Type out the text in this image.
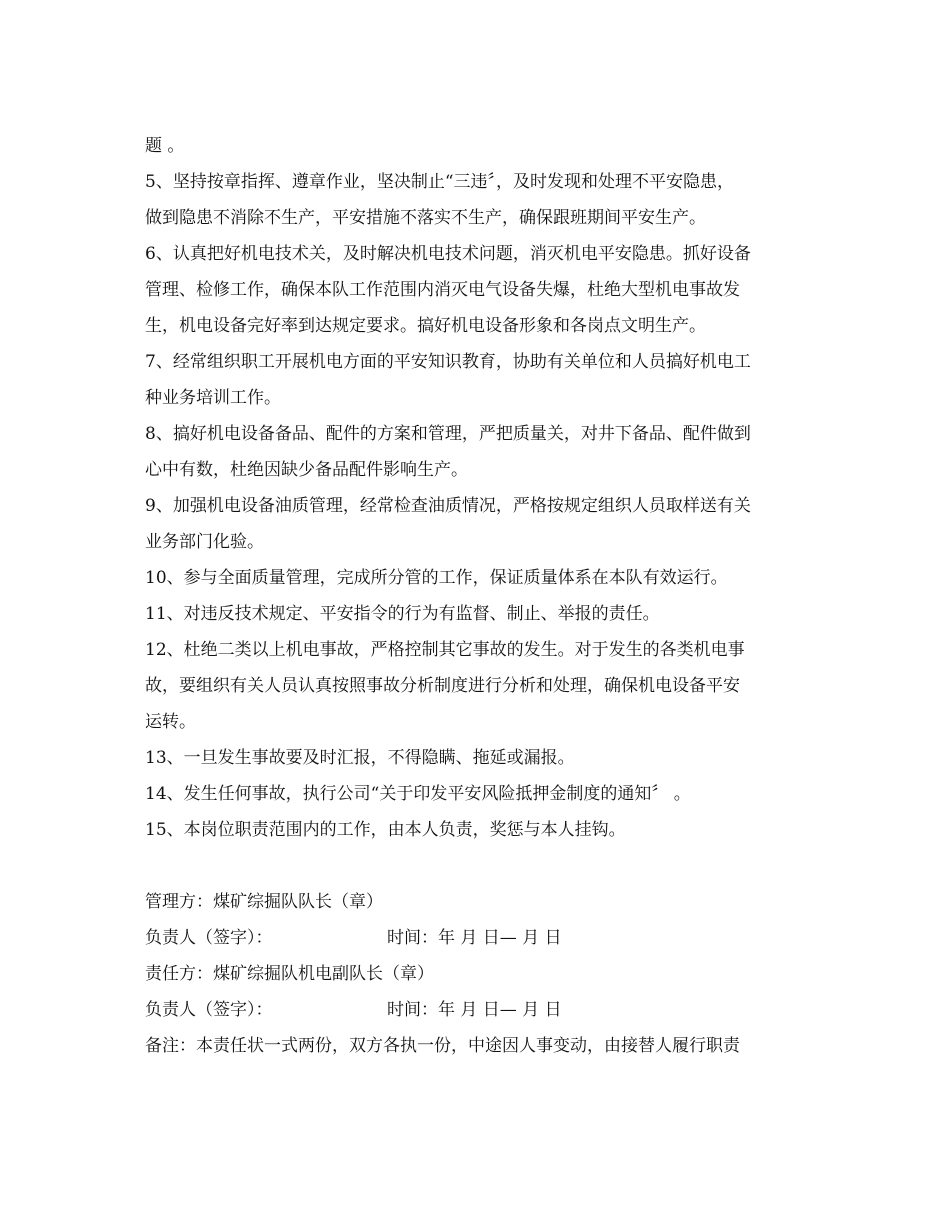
题 。
5、坚持按章指挥、遵章作业，坚决制止“三违〞，及时发现和处理不平安隐患，
做到隐患不消除不生产，平安措施不落实不生产，确保跟班期间平安生产。
6、认真把好机电技术关，及时解决机电技术问题，消灭机电平安隐患。抓好设备
管理、检修工作，确保本队工作范围内消灭电气设备失爆，杜绝大型机电事故发
生，机电设备完好率到达规定要求。搞好机电设备形象和各岗点文明生产。
7、经常组织职工开展机电方面的平安知识教育，协助有关单位和人员搞好机电工
种业务培训工作。
8、搞好机电设备备品、配件的方案和管理，严把质量关，对井下备品、配件做到
心中有数，杜绝因缺少备品配件影响生产。
9、加强机电设备油质管理，经常检查油质情况，严格按规定组织人员取样送有关
业务部门化验。
10、参与全面质量管理，完成所分管的工作，保证质量体系在本队有效运行。
11、对违反技术规定、平安指令的行为有监督、制止、举报的责任。
12、杜绝二类以上机电事故，严格控制其它事故的发生。对于发生的各类机电事
故，要组织有关人员认真按照事故分析制度进行分析和处理，确保机电设备平安
运转。
13、一旦发生事故要及时汇报，不得隐瞒、拖延或漏报。
14、发生任何事故，执行公司“关于印发平安风险抵押金制度的通知〞 。
15、本岗位职责范围内的工作，由本人负责，奖惩与本人挂钩。
管理方：煤矿综掘队队长（章）
负责人（签字）：	时间：年 月 日— 月 日
责任方：煤矿综掘队机电副队长（章）
负责人（签字）：	时间：年 月 日— 月 日
备注：本责任状一式两份，双方各执一份，中途因人事变动，由接替人履行职责
